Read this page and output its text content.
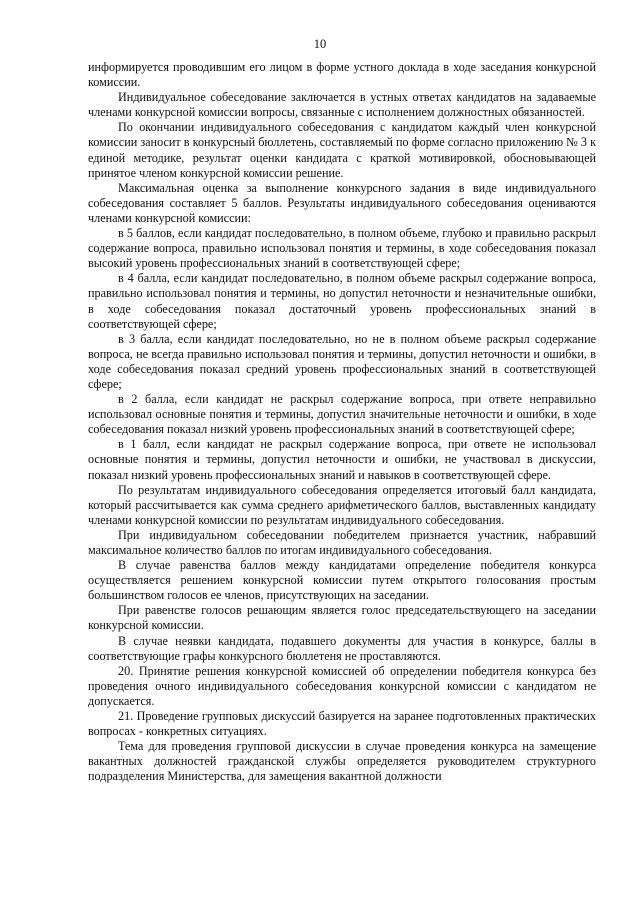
10

информируется проводившим его лицом в форме устного доклада в ходе заседания конкурсной комиссии.

Индивидуальное собеседование заключается в устных ответах кандидатов на задаваемые членами конкурсной комиссии вопросы, связанные с исполнением должностных обязанностей.

По окончании индивидуального собеседования с кандидатом каждый член конкурсной комиссии заносит в конкурсный бюллетень, составляемый по форме согласно приложению № 3 к единой методике, результат оценки кандидата с краткой мотивировкой, обосновывающей принятое членом конкурсной комиссии решение.

Максимальная оценка за выполнение конкурсного задания в виде индивидуального собеседования составляет 5 баллов. Результаты индивидуального собеседования оцениваются членами конкурсной комиссии:

в 5 баллов, если кандидат последовательно, в полном объеме, глубоко и правильно раскрыл содержание вопроса, правильно использовал понятия и термины, в ходе собеседования показал высокий уровень профессиональных знаний в соответствующей сфере;

в 4 балла, если кандидат последовательно, в полном объеме раскрыл содержание вопроса, правильно использовал понятия и термины, но допустил неточности и незначительные ошибки, в ходе собеседования показал достаточный уровень профессиональных знаний в соответствующей сфере;

в 3 балла, если кандидат последовательно, но не в полном объеме раскрыл содержание вопроса, не всегда правильно использовал понятия и термины, допустил неточности и ошибки, в ходе собеседования показал средний уровень профессиональных знаний в соответствующей сфере;

в 2 балла, если кандидат не раскрыл содержание вопроса, при ответе неправильно использовал основные понятия и термины, допустил значительные неточности и ошибки, в ходе собеседования показал низкий уровень профессиональных знаний в соответствующей сфере;

в 1 балл, если кандидат не раскрыл содержание вопроса, при ответе не использовал основные понятия и термины, допустил неточности и ошибки, не участвовал в дискуссии, показал низкий уровень профессиональных знаний и навыков в соответствующей сфере.

По результатам индивидуального собеседования определяется итоговый балл кандидата, который рассчитывается как сумма среднего арифметического баллов, выставленных кандидату членами конкурсной комиссии по результатам индивидуального собеседования.

При индивидуальном собеседовании победителем признается участник, набравший максимальное количество баллов по итогам индивидуального собеседования.

В случае равенства баллов между кандидатами определение победителя конкурса осуществляется решением конкурсной комиссии путем открытого голосования простым большинством голосов ее членов, присутствующих на заседании.

При равенстве голосов решающим является голос председательствующего на заседании конкурсной комиссии.

В случае неявки кандидата, подавшего документы для участия в конкурсе, баллы в соответствующие графы конкурсного бюллетеня не проставляются.

20. Принятие решения конкурсной комиссией об определении победителя конкурса без проведения очного индивидуального собеседования конкурсной комиссии с кандидатом не допускается.

21. Проведение групповых дискуссий базируется на заранее подготовленных практических вопросах - конкретных ситуациях.

Тема для проведения групповой дискуссии в случае проведения конкурса на замещение вакантных должностей гражданской службы определяется руководителем структурного подразделения Министерства, для замещения вакантной должности
